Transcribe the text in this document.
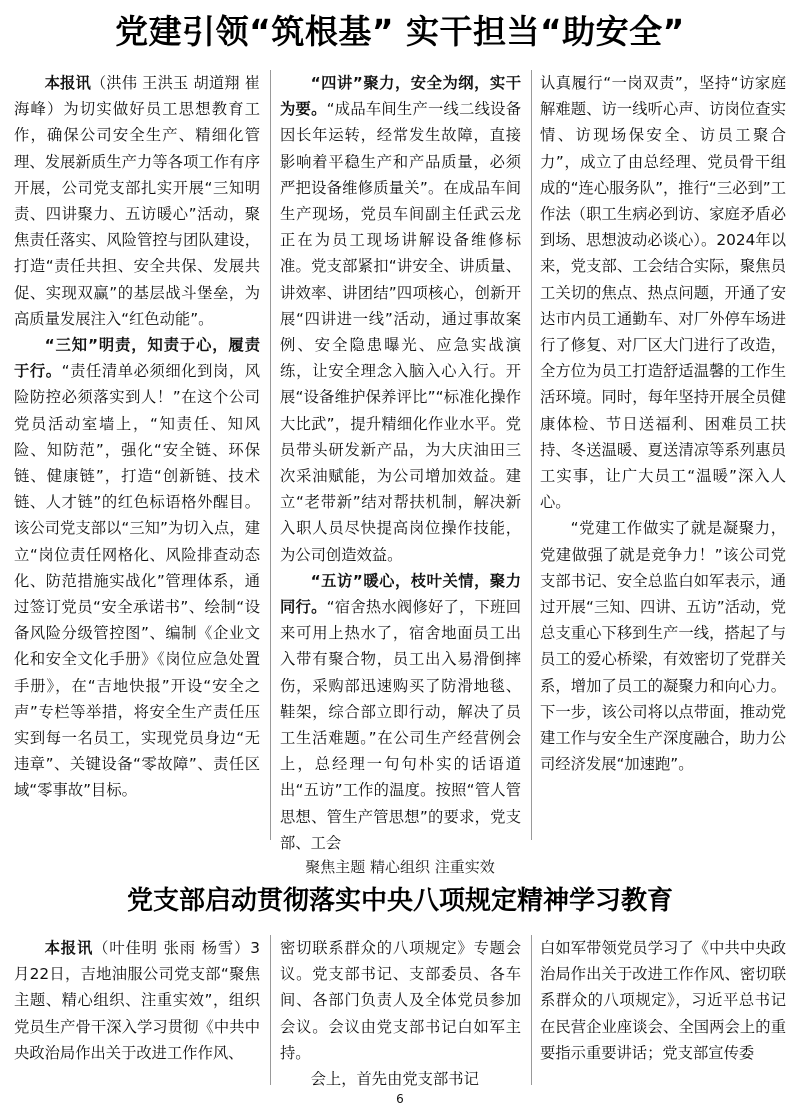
党建引领“筑根基” 实干担当“助安全”

本报讯（洪伟 王洪玉 胡道翔 崔海峰）为切实做好员工思想教育工作，确保公司安全生产、精细化管理、发展新质生产力等各项工作有序开展，公司党支部扎实开展“三知明责、四讲聚力、五访暖心”活动，聚焦责任落实、风险管控与团队建设，打造“责任共担、安全共保、发展共促、实现双赢”的基层战斗堡垒，为高质量发展注入“红色动能”。

“三知”明责，知责于心，履责于行。“责任清单必须细化到岗，风险防控必须落实到人！”在这个公司党员活动室墙上，“知责任、知风险、知防范”，强化“安全链、环保链、健康链”，打造“创新链、技术链、人才链”的红色标语格外醒目。该公司党支部以“三知”为切入点，建立“岗位责任网格化、风险排查动态化、防范措施实战化”管理体系，通过签订党员“安全承诺书”、绘制“设备风险分级管控图”、编制《企业文化和安全文化手册》《岗位应急处置手册》，在“吉地快报”开设“安全之声”专栏等举措，将安全生产责任压实到每一名员工，实现党员身边“无违章”、关键设备“零故障”、责任区域“零事故”目标。

“四讲”聚力，安全为纲，实干为要。“成品车间生产一线二线设备因长年运转，经常发生故障，直接影响着平稳生产和产品质量，必须严把设备维修质量关”。在成品车间生产现场，党员车间副主任武云龙正在为员工现场讲解设备维修标准。党支部紧扣“讲安全、讲质量、讲效率、讲团结”四项核心，创新开展“四讲进一线”活动，通过事故案例、安全隐患曝光、应急实战演练，让安全理念入脑入心入行。开展“设备维护保养评比”“标准化操作大比武”，提升精细化作业水平。党员带头研发新产品，为大庆油田三次采油赋能，为公司增加效益。建立“老带新”结对帮扶机制，解决新入职人员尽快提高岗位操作技能，为公司创造效益。

“五访”暖心，枝叶关情，聚力同行。“宿舍热水阀修好了，下班回来可用上热水了，宿舍地面员工出入带有聚合物，员工出入易滑倒摔伤，采购部迅速购买了防滑地毯、鞋架，综合部立即行动，解决了员工生活难题。”在公司生产经营例会上，总经理一句句朴实的话语道出“五访”工作的温度。按照“管人管思想、管生产管思想”的要求，党支部、工会

认真履行“一岗双责”，坚持“访家庭解难题、访一线听心声、访岗位查实情、访现场保安全、访员工聚合力”，成立了由总经理、党员骨干组成的“连心服务队”，推行“三必到”工作法（职工生病必到访、家庭矛盾必到场、思想波动必谈心）。2024年以来，党支部、工会结合实际，聚焦员工关切的焦点、热点问题，开通了安达市内员工通勤车、对厂外停车场进行了修复、对厂区大门进行了改造，全方位为员工打造舒适温馨的工作生活环境。同时，每年坚持开展全员健康体检、节日送福利、困难员工扶持、冬送温暖、夏送清凉等系列惠员工实事，让广大员工“温暖”深入人心。

“党建工作做实了就是凝聚力，党建做强了就是竞争力！”该公司党支部书记、安全总监白如军表示，通过开展“三知、四讲、五访”活动，党总支重心下移到生产一线，搭起了与员工的爱心桥梁，有效密切了党群关系，增加了员工的凝聚力和向心力。下一步，该公司将以点带面，推动党建工作与安全生产深度融合，助力公司经济发展“加速跑”。

聚焦主题 精心组织 注重实效
党支部启动贯彻落实中央八项规定精神学习教育

本报讯（叶佳明 张雨 杨雪）3月22日，吉地油服公司党支部“聚焦主题、精心组织、注重实效”，组织党员生产骨干深入学习贯彻《中共中央政治局作出关于改进工作作风、

密切联系群众的八项规定》专题会议。党支部书记、支部委员、各车间、各部门负责人及全体党员参加会议。会议由党支部书记白如军主持。

会上，首先由党支部书记

白如军带领党员学习了《中共中央政治局作出关于改进工作作风、密切联系群众的八项规定》，习近平总书记在民营企业座谈会、全国两会上的重要指示重要讲话；党支部宣传委

6
